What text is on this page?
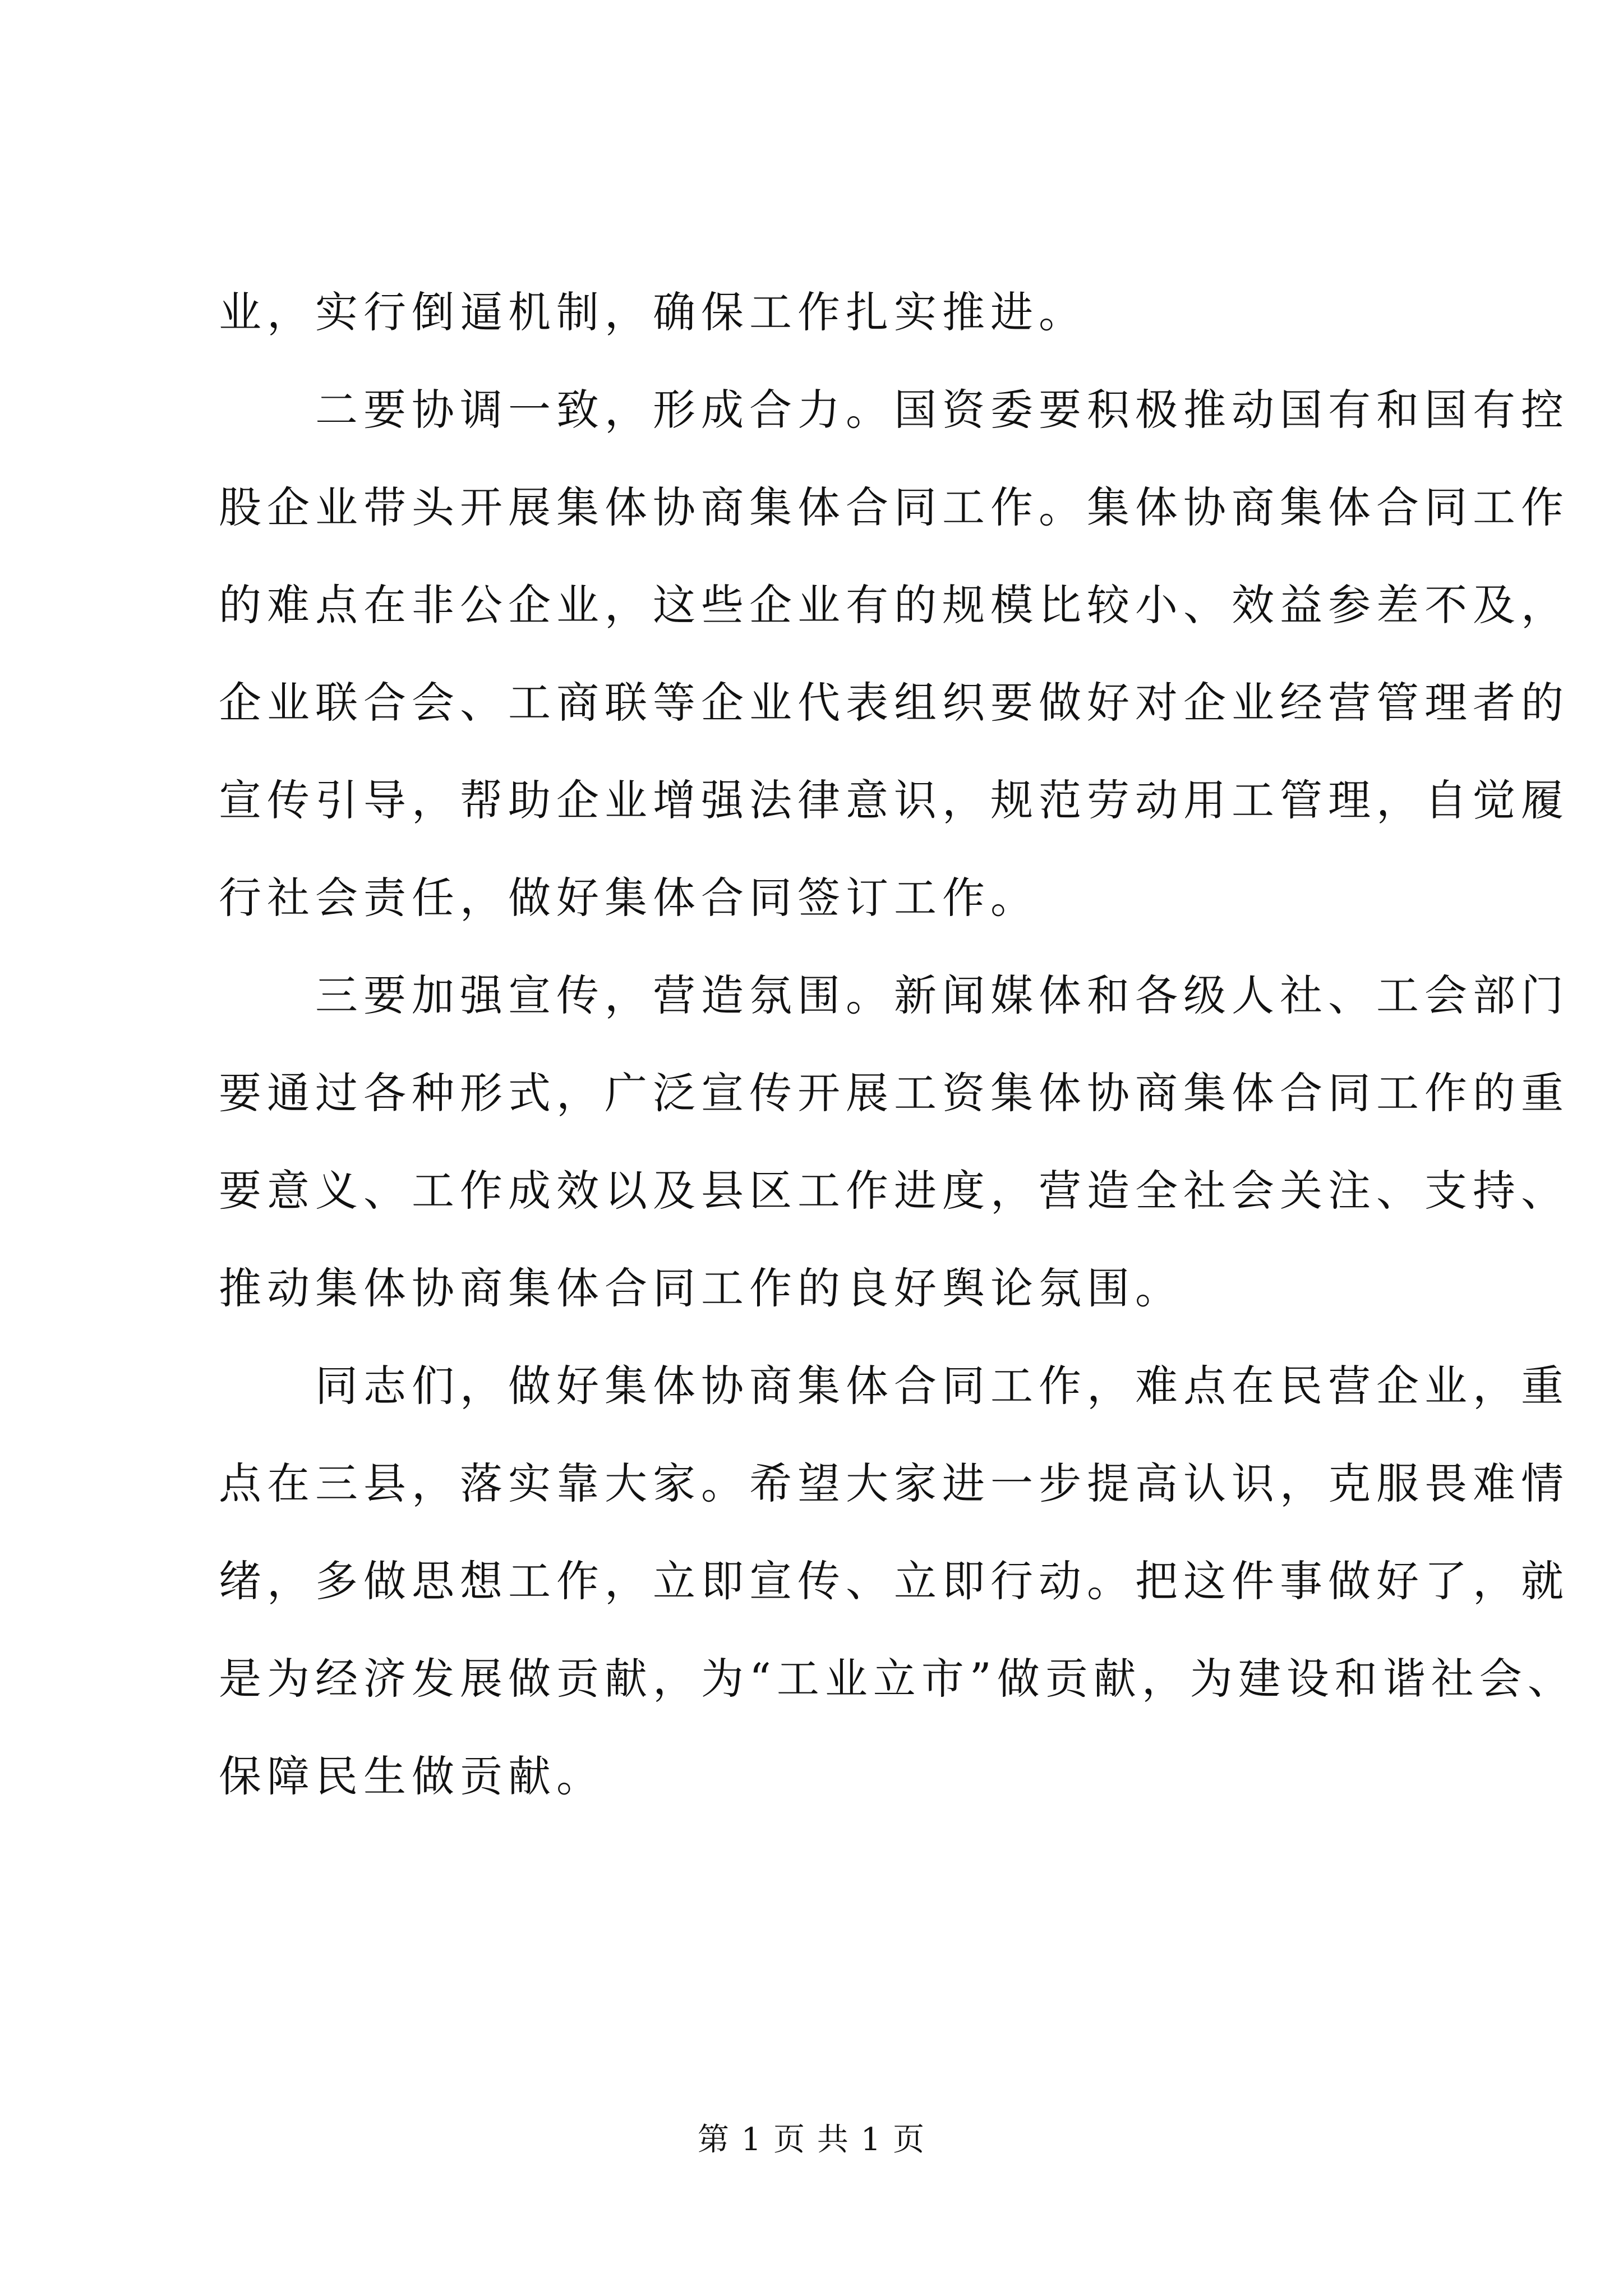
业，实行倒逼机制，确保工作扎实推进。
二要协调一致，形成合力。国资委要积极推动国有和国有控
股企业带头开展集体协商集体合同工作。集体协商集体合同工作
的难点在非公企业，这些企业有的规模比较小、效益参差不及，
企业联合会、工商联等企业代表组织要做好对企业经营管理者的
宣传引导，帮助企业增强法律意识，规范劳动用工管理，自觉履
行社会责任，做好集体合同签订工作。
三要加强宣传，营造氛围。新闻媒体和各级人社、工会部门
要通过各种形式，广泛宣传开展工资集体协商集体合同工作的重
要意义、工作成效以及县区工作进度，营造全社会关注、支持、
推动集体协商集体合同工作的良好舆论氛围。
同志们，做好集体协商集体合同工作，难点在民营企业，重
点在三县，落实靠大家。希望大家进一步提高认识，克服畏难情
绪，多做思想工作，立即宣传、立即行动。把这件事做好了，就
是为经济发展做贡献，为“工业立市”做贡献，为建设和谐社会、
保障民生做贡献。
第 1 页 共 1 页
